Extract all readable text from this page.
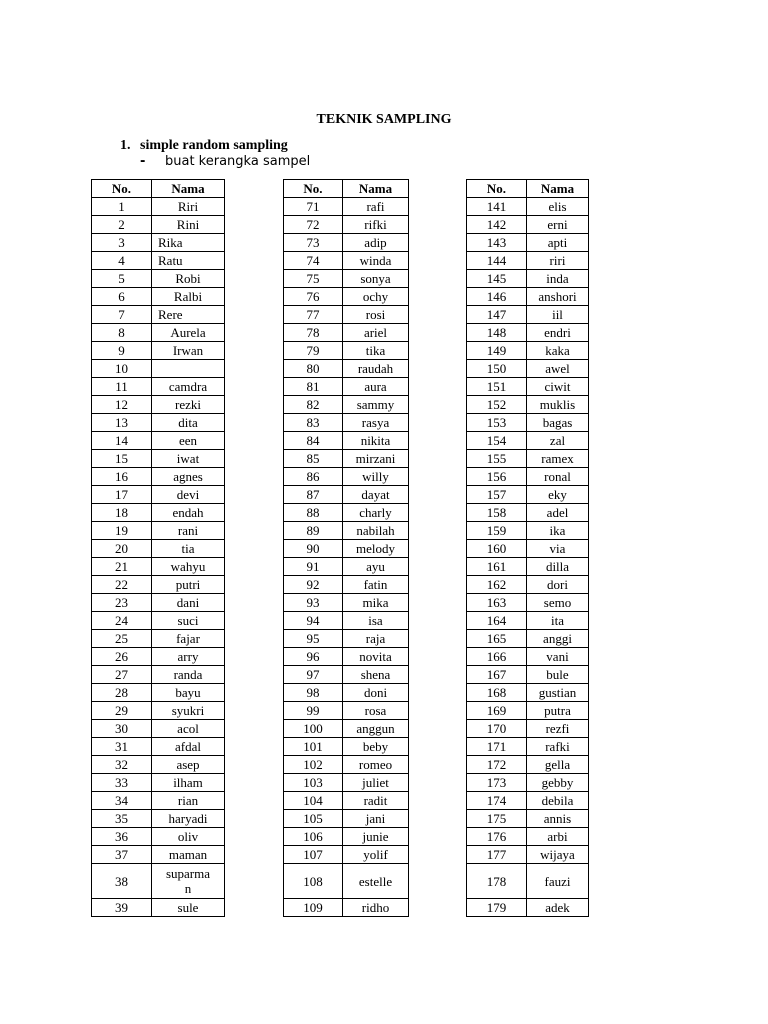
TEKNIK SAMPLING
1. simple random sampling
- buat kerangka sampel
No.	Nama
1	Riri
2	Rini
3	Rika
4	Ratu
5	Robi
6	Ralbi
7	Rere
8	Aurela
9	Irwan
10	
11	camdra
12	rezki
13	dita
14	een
15	iwat
16	agnes
17	devi
18	endah
19	rani
20	tia
21	wahyu
22	putri
23	dani
24	suci
25	fajar
26	arry
27	randa
28	bayu
29	syukri
30	acol
31	afdal
32	asep
33	ilham
34	rian
35	haryadi
36	oliv
37	maman
38	suparma
n
39	sule
No.	Nama
71	rafi
72	rifki
73	adip
74	winda
75	sonya
76	ochy
77	rosi
78	ariel
79	tika
80	raudah
81	aura
82	sammy
83	rasya
84	nikita
85	mirzani
86	willy
87	dayat
88	charly
89	nabilah
90	melody
91	ayu
92	fatin
93	mika
94	isa
95	raja
96	novita
97	shena
98	doni
99	rosa
100	anggun
101	beby
102	romeo
103	juliet
104	radit
105	jani
106	junie
107	yolif
108	estelle
109	ridho
No.	Nama
141	elis
142	erni
143	apti
144	riri
145	inda
146	anshori
147	iil
148	endri
149	kaka
150	awel
151	ciwit
152	muklis
153	bagas
154	zal
155	ramex
156	ronal
157	eky
158	adel
159	ika
160	via
161	dilla
162	dori
163	semo
164	ita
165	anggi
166	vani
167	bule
168	gustian
169	putra
170	rezfi
171	rafki
172	gella
173	gebby
174	debila
175	annis
176	arbi
177	wijaya
178	fauzi
179	adek
